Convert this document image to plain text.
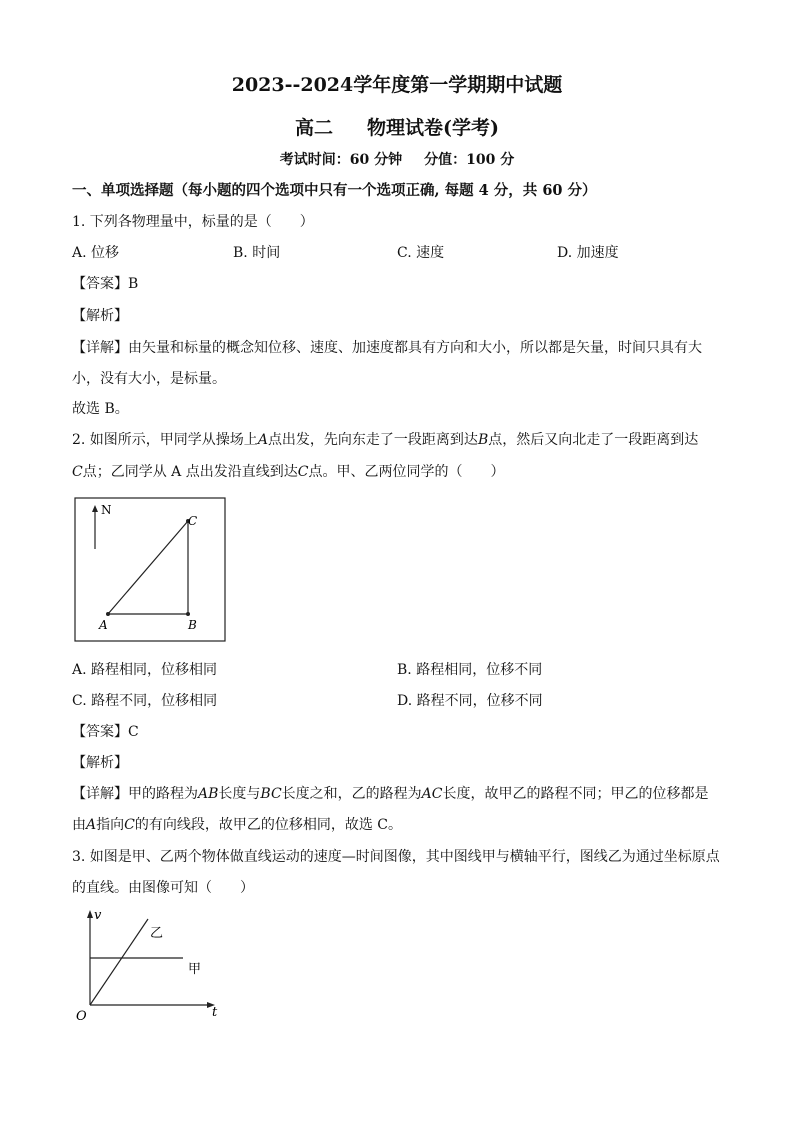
2023--2024学年度第一学期期中试题
高二 物理试卷(学考)
考试时间：60 分钟 分值：100 分
一、单项选择题（每小题的四个选项中只有一个选项正确, 每题 4 分，共 60 分）
1. 下列各物理量中，标量的是（　　）
A. 位移	B. 时间	C. 速度	D. 加速度
【答案】B
【解析】
【详解】由矢量和标量的概念知位移、速度、加速度都具有方向和大小，所以都是矢量，时间只具有大
小，没有大小，是标量。
故选 B。
2. 如图所示，甲同学从操场上A点出发，先向东走了一段距离到达B点，然后又向北走了一段距离到达
C点；乙同学从 A 点出发沿直线到达C点。甲、乙两位同学的（　　）
N
A	B
C
A. 路程相同，位移相同	B. 路程相同，位移不同
C. 路程不同，位移相同	D. 路程不同，位移不同
【答案】C
【解析】
【详解】甲的路程为AB长度与BC长度之和，乙的路程为AC长度，故甲乙的路程不同；甲乙的位移都是
由A指向C的有向线段，故甲乙的位移相同，故选 C。
3. 如图是甲、乙两个物体做直线运动的速度—时间图像，其中图线甲与横轴平行，图线乙为通过坐标原点
的直线。由图像可知（　　）
v
t
O
甲
乙
